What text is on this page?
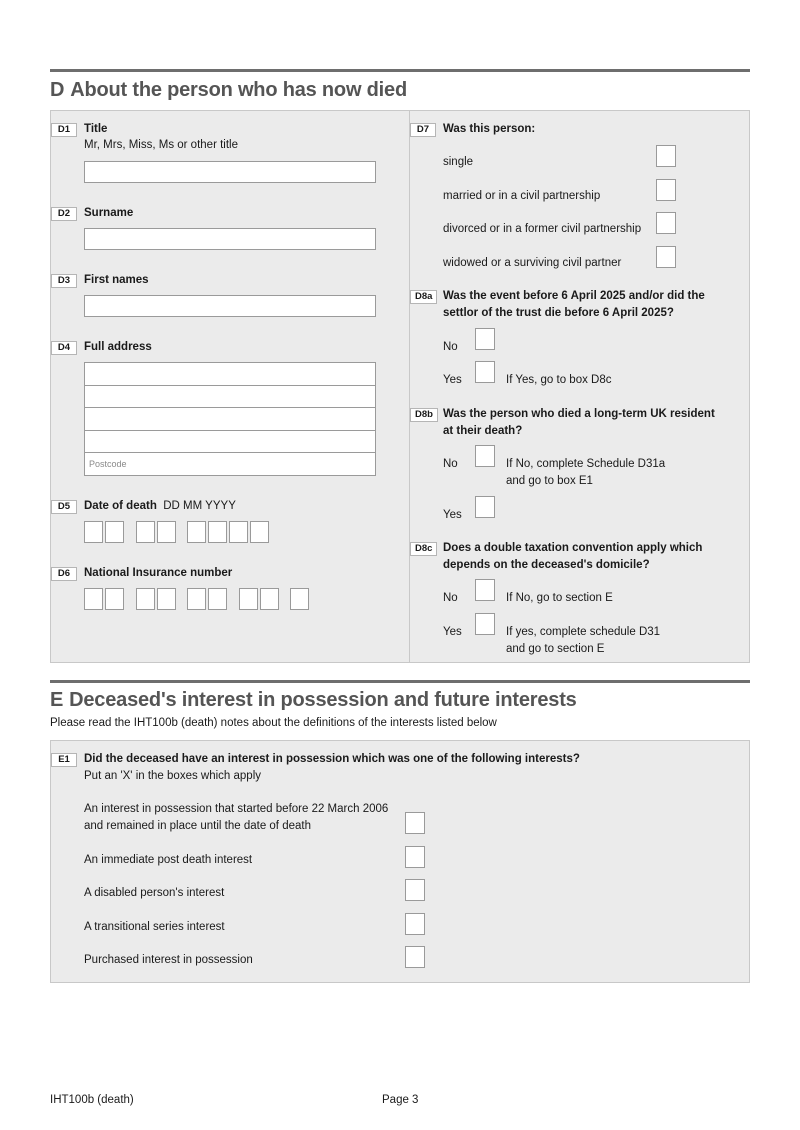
D About the person who has now died
D1	Title
Mr, Mrs, Miss, Ms or other title
D2	Surname
D3	First names
D4	Full address
Postcode
D5	Date of death DD MM YYYY
D6	National Insurance number
D7	Was this person:
single
married or in a civil partnership
divorced or in a former civil partnership
widowed or a surviving civil partner
D8a Was the event before 6 April 2025 and/or did the
settlor of the trust die before 6 April 2025?
No
Yes	If Yes, go to box D8c
D8b Was the person who died a long-term UK resident
at their death?
No	If No, complete Schedule D31a
and go to box E1
Yes
D8c Does a double taxation convention apply which
depends on the deceased's domicile?
No	If No, go to section E
Yes	If yes, complete schedule D31
and go to section E
E Deceased's interest in possession and future interests
Please read the IHT100b (death) notes about the definitions of the interests listed below
E1	Did the deceased have an interest in possession which was one of the following interests?
Put an 'X' in the boxes which apply
An interest in possession that started before 22 March 2006
and remained in place until the date of death
An immediate post death interest
A disabled person's interest
A transitional series interest
Purchased interest in possession
IHT100b (death)	Page 3
